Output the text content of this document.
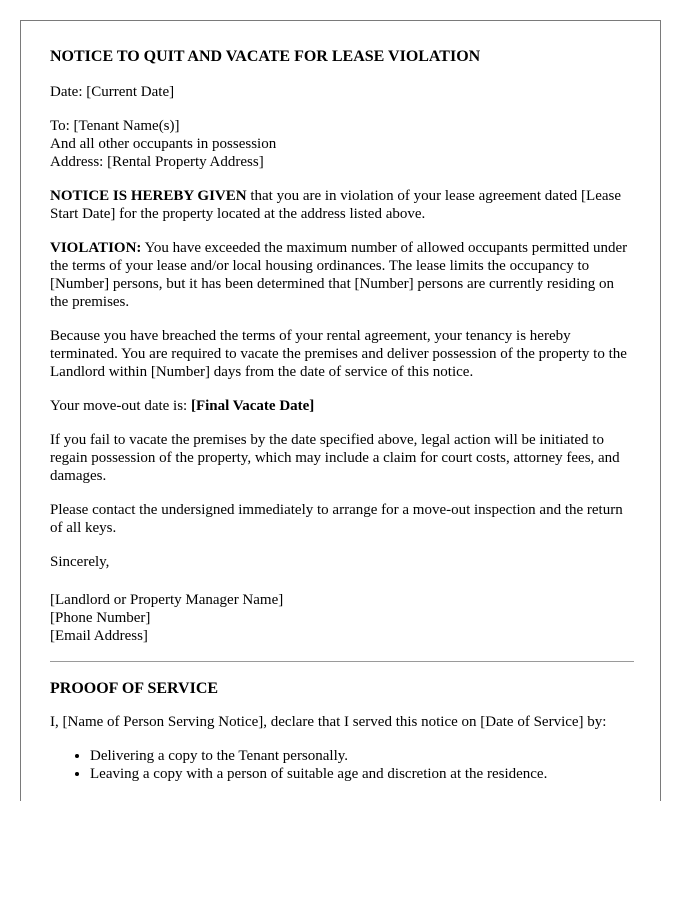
NOTICE TO QUIT AND VACATE FOR LEASE VIOLATION

Date: [Current Date]

To: [Tenant Name(s)]
And all other occupants in possession
Address: [Rental Property Address]

NOTICE IS HEREBY GIVEN that you are in violation of your lease agreement dated [Lease Start Date] for the property located at the address listed above.

VIOLATION: You have exceeded the maximum number of allowed occupants permitted under the terms of your lease and/or local housing ordinances. The lease limits the occupancy to [Number] persons, but it has been determined that [Number] persons are currently residing on the premises.

Because you have breached the terms of your rental agreement, your tenancy is hereby terminated. You are required to vacate the premises and deliver possession of the property to the Landlord within [Number] days from the date of service of this notice.

Your move-out date is: [Final Vacate Date]

If you fail to vacate the premises by the date specified above, legal action will be initiated to regain possession of the property, which may include a claim for court costs, attorney fees, and damages.

Please contact the undersigned immediately to arrange for a move-out inspection and the return of all keys.

Sincerely,

[Landlord or Property Manager Name]
[Phone Number]
[Email Address]

PROOOF OF SERVICE

I, [Name of Person Serving Notice], declare that I served this notice on [Date of Service] by:

• Delivering a copy to the Tenant personally.
• Leaving a copy with a person of suitable age and discretion at the residence.
